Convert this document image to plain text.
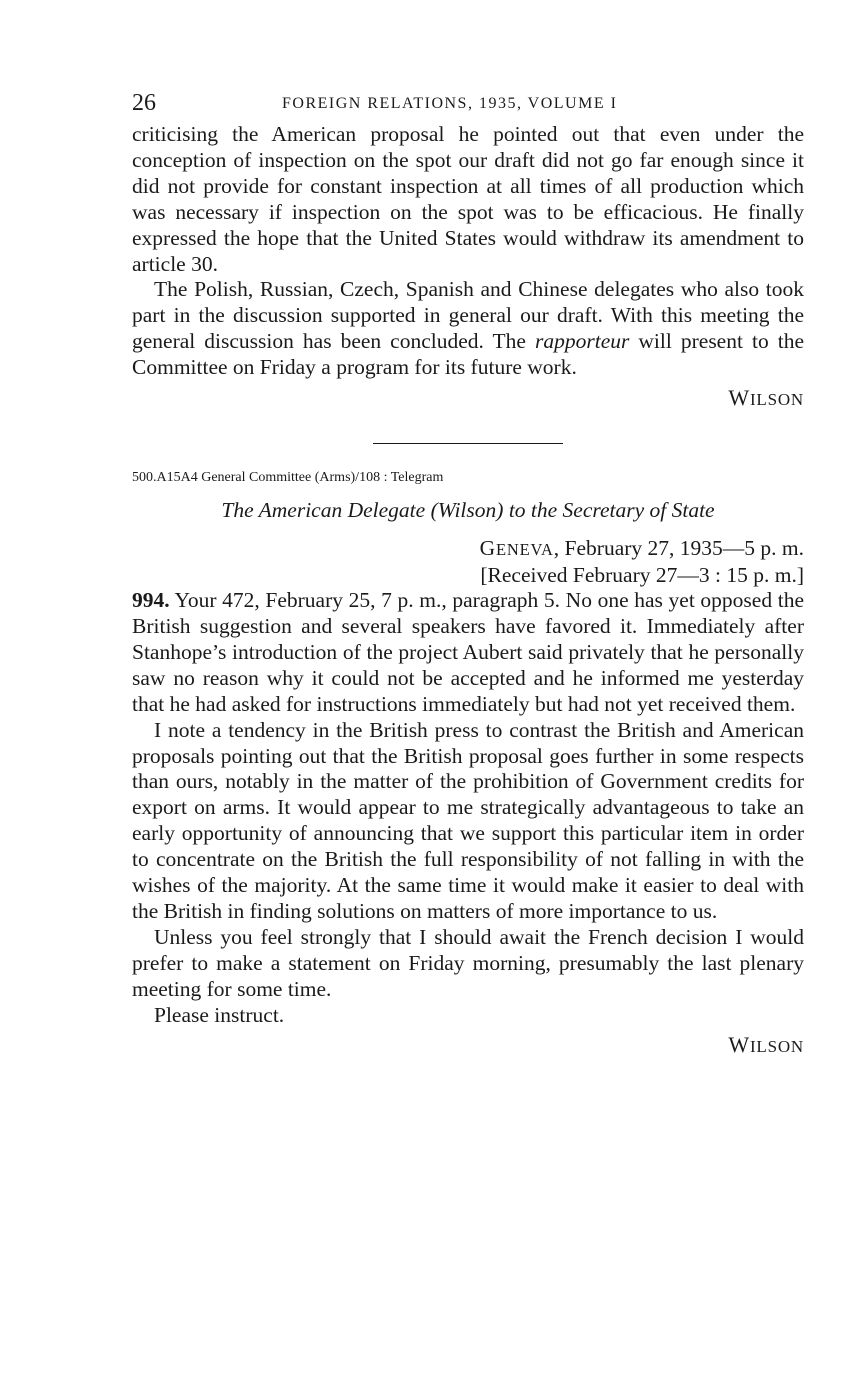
26	FOREIGN RELATIONS, 1935, VOLUME I

criticising the American proposal he pointed out that even under the conception of inspection on the spot our draft did not go far enough since it did not provide for constant inspection at all times of all production which was necessary if inspection on the spot was to be efficacious. He finally expressed the hope that the United States would withdraw its amendment to article 30.

The Polish, Russian, Czech, Spanish and Chinese delegates who also took part in the discussion supported in general our draft. With this meeting the general discussion has been concluded. The rapporteur will present to the Committee on Friday a program for its future work.

WILSON
500.A15A4 General Committee (Arms)/108 : Telegram
The American Delegate (Wilson) to the Secretary of State
GENEVA, February 27, 1935—5 p. m.
[Received February 27—3 : 15 p. m.]

994. Your 472, February 25, 7 p. m., paragraph 5. No one has yet opposed the British suggestion and several speakers have favored it. Immediately after Stanhope’s introduction of the project Aubert said privately that he personally saw no reason why it could not be accepted and he informed me yesterday that he had asked for instructions immediately but had not yet received them.

I note a tendency in the British press to contrast the British and American proposals pointing out that the British proposal goes further in some respects than ours, notably in the matter of the prohibition of Government credits for export on arms. It would appear to me strategically advantageous to take an early opportunity of announcing that we support this particular item in order to concentrate on the British the full responsibility of not falling in with the wishes of the majority. At the same time it would make it easier to deal with the British in finding solutions on matters of more importance to us.

Unless you feel strongly that I should await the French decision I would prefer to make a statement on Friday morning, presumably the last plenary meeting for some time.

Please instruct.

WILSON
